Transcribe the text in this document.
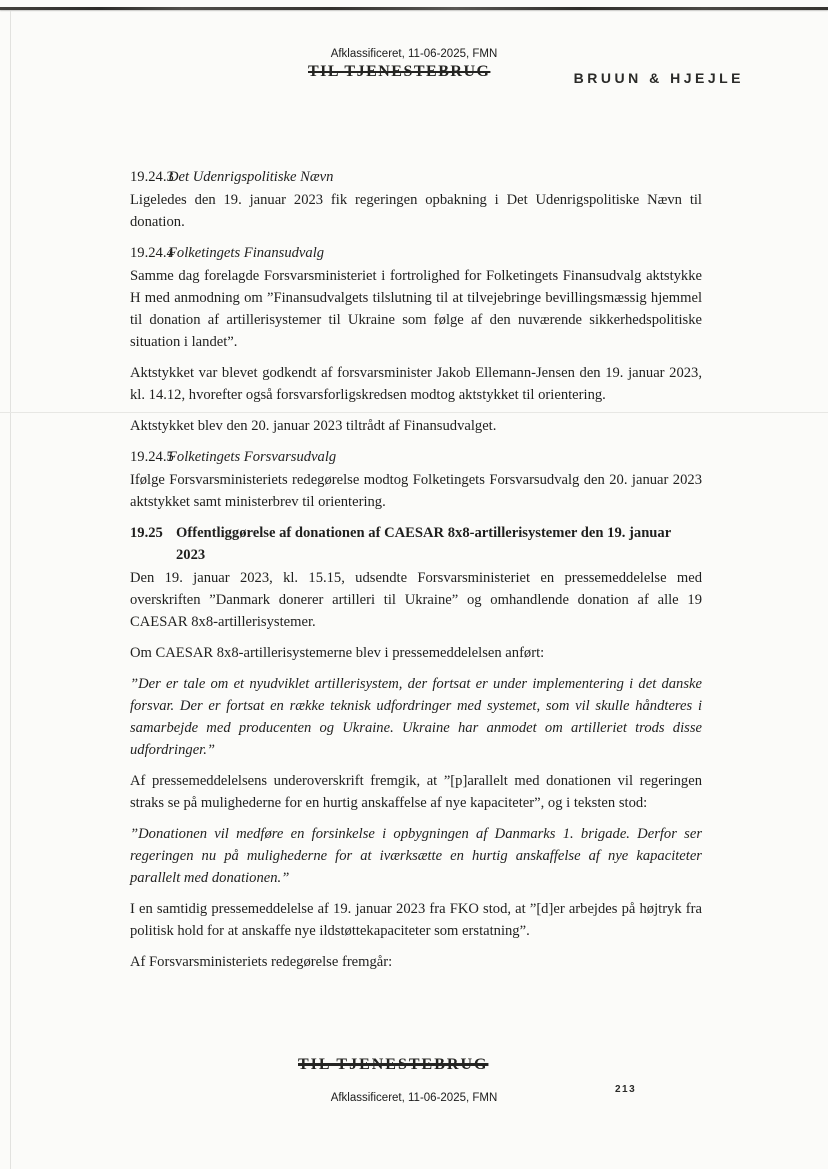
Afklassificeret, 11-06-2025, FMN
TIL TJENESTEBRUG	BRUUN & HJEJLE
19.24.3
Det Udenrigspolitiske Nævn

Ligeledes den 19. januar 2023 fik regeringen opbakning i Det Udenrigspolitiske Nævn til donation.

19.24.4
Folketingets Finansudvalg

Samme dag forelagde Forsvarsministeriet i fortrolighed for Folketingets Finansudvalg aktstykke H med anmodning om ”Finansudvalgets tilslutning til at tilvejebringe bevillingsmæssig hjemmel til donation af artillerisystemer til Ukraine som følge af den nuværende sikkerhedspolitiske situation i landet”.

Aktstykket var blevet godkendt af forsvarsminister Jakob Ellemann-Jensen den 19. januar 2023, kl. 14.12, hvorefter også forsvarsforligskredsen modtog aktstykket til orientering.

Aktstykket blev den 20. januar 2023 tiltrådt af Finansudvalget.

19.24.5
Folketingets Forsvarsudvalg

Ifølge Forsvarsministeriets redegørelse modtog Folketingets Forsvarsudvalg den 20. januar 2023 aktstykket samt ministerbrev til orientering.

19.25 Offentliggørelse af donationen af CAESAR 8x8-artillerisystemer den 19. januar 2023

Den 19. januar 2023, kl. 15.15, udsendte Forsvarsministeriet en pressemeddelelse med overskriften ”Danmark donerer artilleri til Ukraine” og omhandlende donation af alle 19 CAESAR 8x8-artillerisystemer.

Om CAESAR 8x8-artillerisystemerne blev i pressemeddelelsen anført:

”Der er tale om et nyudviklet artillerisystem, der fortsat er under implementering i det danske forsvar. Der er fortsat en række teknisk udfordringer med systemet, som vil skulle håndteres i samarbejde med producenten og Ukraine. Ukraine har anmodet om artilleriet trods disse udfordringer.”

Af pressemeddelelsens underoverskrift fremgik, at ”[p]arallelt med donationen vil regeringen straks se på mulighederne for en hurtig anskaffelse af nye kapaciteter”, og i teksten stod:

”Donationen vil medføre en forsinkelse i opbygningen af Danmarks 1. brigade. Derfor ser regeringen nu på mulighederne for at iværksætte en hurtig anskaffelse af nye kapaciteter parallelt med donationen.”

I en samtidig pressemeddelelse af 19. januar 2023 fra FKO stod, at ”[d]er arbejdes på højtryk fra politisk hold for at anskaffe nye ildstøttekapaciteter som erstatning”.

Af Forsvarsministeriets redegørelse fremgår:

TIL TJENESTEBRUG
Afklassificeret, 11-06-2025, FMN
213
